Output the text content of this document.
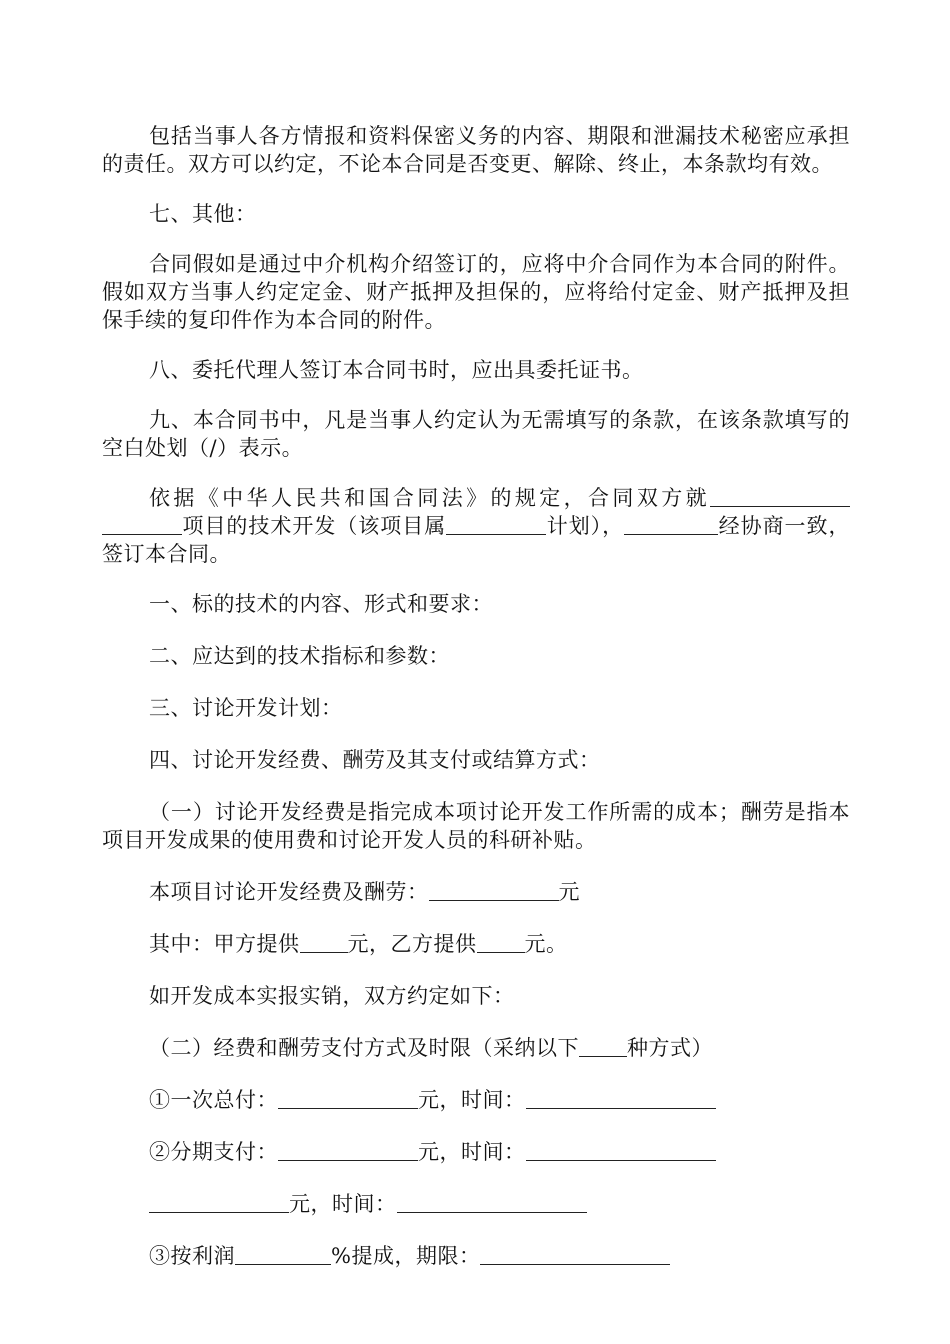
包括当事人各方情报和资料保密义务的内容、期限和泄漏技术秘密应承担的责任。双方可以约定，不论本合同是否变更、解除、终止，本条款均有效。

七、其他：

合同假如是通过中介机构介绍签订的，应将中介合同作为本合同的附件。假如双方当事人约定定金、财产抵押及担保的，应将给付定金、财产抵押及担保手续的复印件作为本合同的附件。

八、委托代理人签订本合同书时，应出具委托证书。

九、本合同书中，凡是当事人约定认为无需填写的条款，在该条款填写的空白处划（/）表示。

依据《中华人民共和国合同法》的规定，合同双方就项目的技术开发（该项目属	计划），	经协商一致，签订本合同。

一、标的技术的内容、形式和要求：

二、应达到的技术指标和参数：

三、讨论开发计划：

四、讨论开发经费、酬劳及其支付或结算方式：

（一）讨论开发经费是指完成本项讨论开发工作所需的成本；酬劳是指本项目开发成果的使用费和讨论开发人员的科研补贴。

本项目讨论开发经费及酬劳：	元

其中：甲方提供 元，乙方提供 元。

如开发成本实报实销，双方约定如下：

（二）经费和酬劳支付方式及时限（采纳以下 种方式）

①一次总付：	元，时间：

②分期支付：	元，时间：

元，时间：

③按利润	%提成，期限：
